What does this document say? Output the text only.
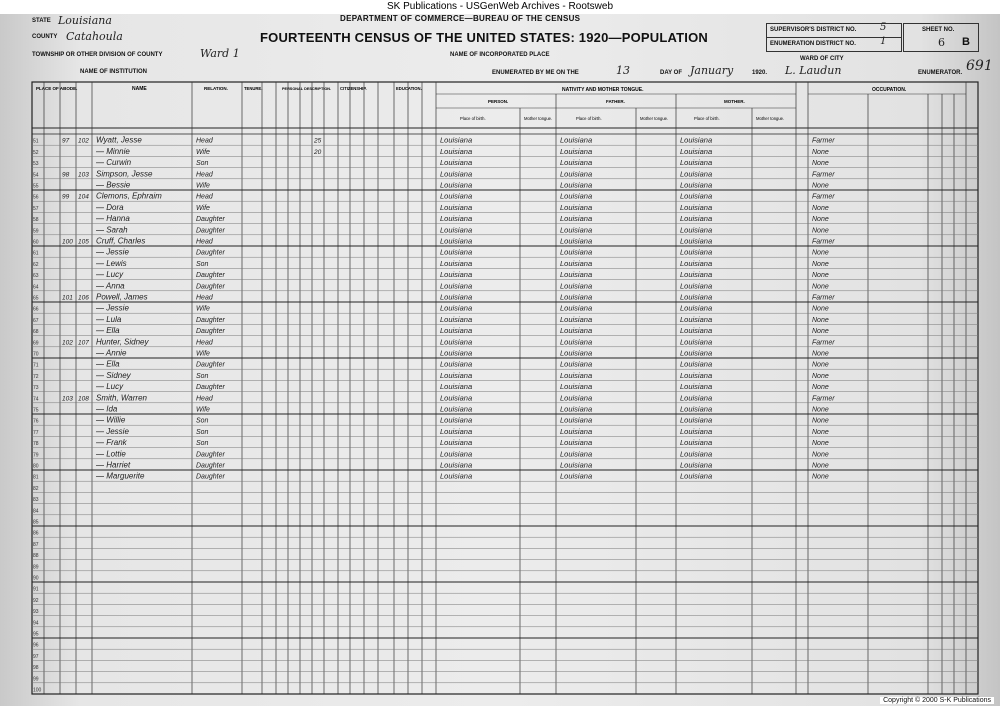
SK Publications - USGenWeb Archives - Rootsweb
STATE Louisiana
COUNTY Catahoula
TOWNSHIP OR OTHER DIVISION OF COUNTY	Ward 1
NAME OF INSTITUTION
DEPARTMENT OF COMMERCE—BUREAU OF THE CENSUS
FOURTEENTH CENSUS OF THE UNITED STATES: 1920—POPULATION
NAME OF INCORPORATED PLACE
ENUMERATED BY ME ON THE	13	DAY OF January	1920. L. Laudun	ENUMERATOR.
SUPERVISOR'S DISTRICT NO. 5
ENUMERATION DISTRICT NO. 1
WARD OF CITY
SHEET NO.
6 B
691
PLACE OF ABODE.	NAME	RELATION.	TENURE.	PERSONAL DESCRIPTION. CITIZENSHIP.	EDUCATION.	NATIVITY AND MOTHER TONGUE.
PERSON.	FATHER.	MOTHER.
Place of birth.	Mother tongue.	Place of birth.	Mother tongue.	Place of birth.	Mother tongue.
OCCUPATION.
51	97 102 Wyatt, Jesse	Head	25	Louisiana	Louisiana	Louisiana	Farmer
52	— Minnie	Wife	20	Louisiana	Louisiana	Louisiana	None
53	— Curwin	Son	Louisiana	Louisiana	Louisiana	None
54	98 103 Simpson, Jesse	Head	Louisiana	Louisiana	Louisiana	Farmer
55	— Bessie	Wife	Louisiana	Louisiana	Louisiana	None
56	99 104 Clemons, Ephraim	Head	Louisiana	Louisiana	Louisiana	Farmer
57	— Dora	Wife	Louisiana	Louisiana	Louisiana	None
58	— Hanna	Daughter	Louisiana	Louisiana	Louisiana	None
59	— Sarah	Daughter	Louisiana	Louisiana	Louisiana	None
60	100 105 Cruff, Charles	Head	Louisiana	Louisiana	Louisiana	Farmer
61	— Jessie	Daughter	Louisiana	Louisiana	Louisiana	None
62	— Lewis	Son	Louisiana	Louisiana	Louisiana	None
63	— Lucy	Daughter	Louisiana	Louisiana	Louisiana	None
64	— Anna	Daughter	Louisiana	Louisiana	Louisiana	None
65	101 106 Powell, James	Head	Louisiana	Louisiana	Louisiana	Farmer
66	— Jessie	Wife	Louisiana	Louisiana	Louisiana	None
67	— Lula	Daughter	Louisiana	Louisiana	Louisiana	None
68	— Ella	Daughter	Louisiana	Louisiana	Louisiana	None
69	102 107 Hunter, Sidney	Head	Louisiana	Louisiana	Louisiana	Farmer
70	— Annie	Wife	Louisiana	Louisiana	Louisiana	None
71	— Ella	Daughter	Louisiana	Louisiana	Louisiana	None
72	— Sidney	Son	Louisiana	Louisiana	Louisiana	None
73	— Lucy	Daughter	Louisiana	Louisiana	Louisiana	None
74	103 108 Smith, Warren	Head	Louisiana	Louisiana	Louisiana	Farmer
75	— Ida	Wife	Louisiana	Louisiana	Louisiana	None
76	— Willie	Son	Louisiana	Louisiana	Louisiana	None
77	— Jessie	Son	Louisiana	Louisiana	Louisiana	None
78	— Frank	Son	Louisiana	Louisiana	Louisiana	None
79	— Lottie	Daughter	Louisiana	Louisiana	Louisiana	None
80	— Harriet	Daughter	Louisiana	Louisiana	Louisiana	None
81	— Marguerite	Daughter	Louisiana	Louisiana	Louisiana	None
82
83
84
85
86
87
88
89
90
91
92
93
94
95
96
97
98
99
100
Copyright © 2000 S-K Publications
